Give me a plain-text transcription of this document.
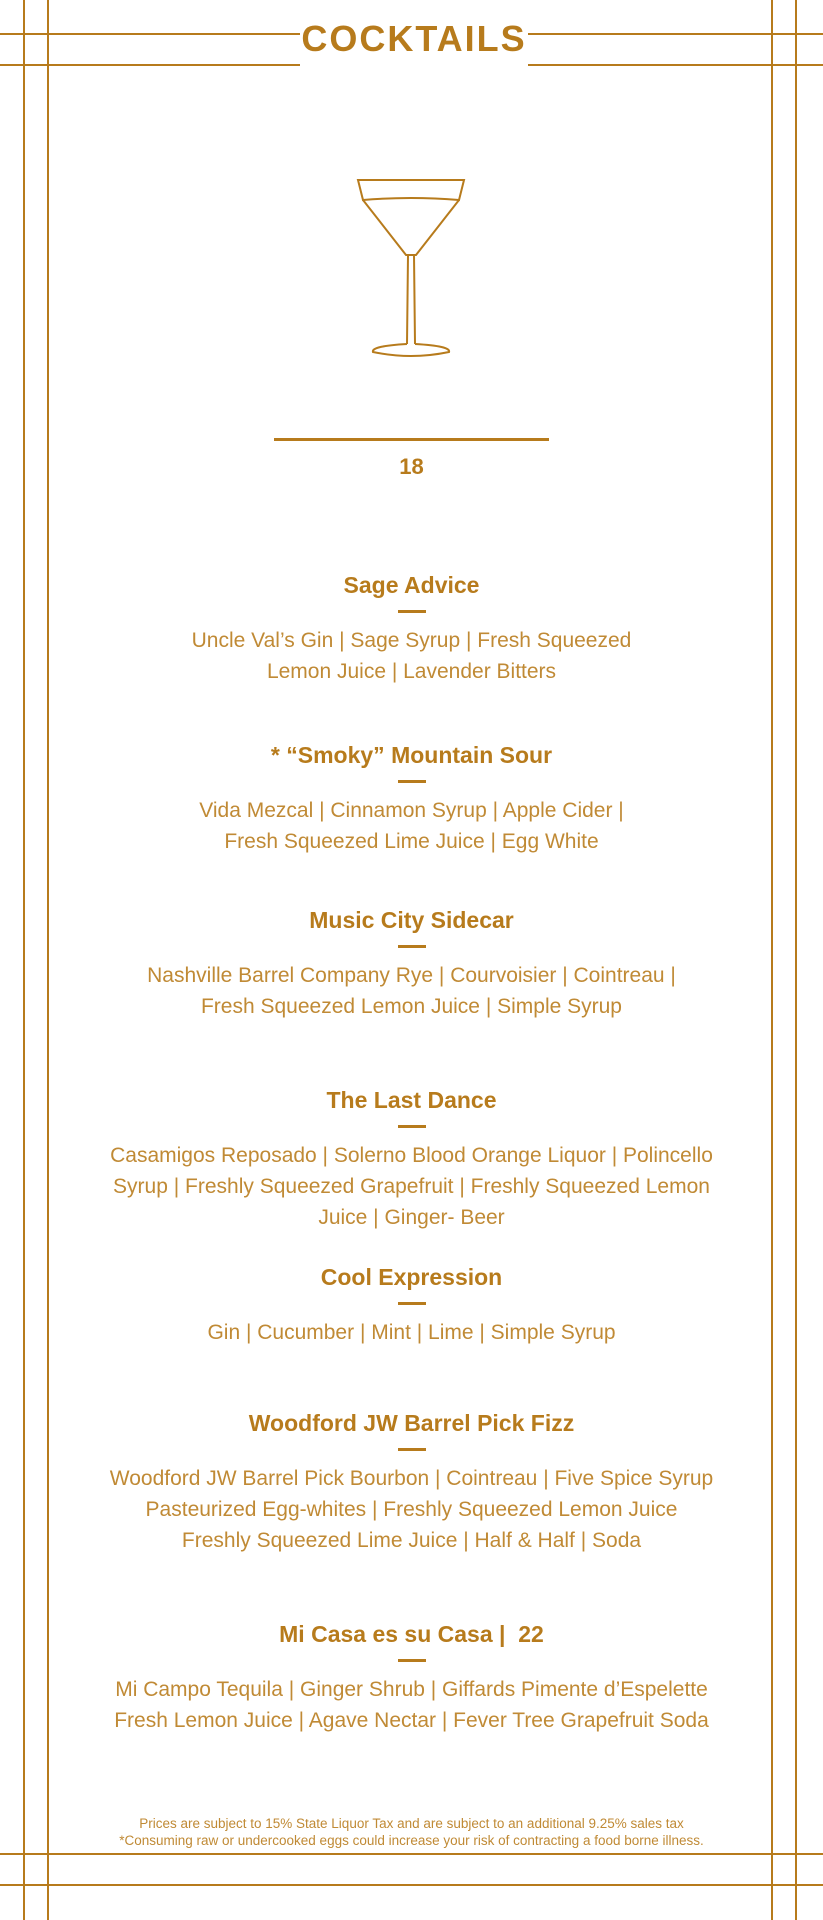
COCKTAILS
18
Sage Advice
Uncle Val’s Gin | Sage Syrup | Fresh Squeezed
Lemon Juice | Lavender Bitters
* “Smoky” Mountain Sour
Vida Mezcal | Cinnamon Syrup | Apple Cider |
Fresh Squeezed Lime Juice | Egg White
Music City Sidecar
Nashville Barrel Company Rye | Courvoisier | Cointreau |
Fresh Squeezed Lemon Juice | Simple Syrup
The Last Dance
Casamigos Reposado | Solerno Blood Orange Liquor | Polincello
Syrup | Freshly Squeezed Grapefruit | Freshly Squeezed Lemon
Juice | Ginger- Beer
Cool Expression
Gin | Cucumber | Mint | Lime | Simple Syrup
Woodford JW Barrel Pick Fizz
Woodford JW Barrel Pick Bourbon | Cointreau | Five Spice Syrup
Pasteurized Egg-whites | Freshly Squeezed Lemon Juice
Freshly Squeezed Lime Juice | Half & Half | Soda
Mi Casa es su Casa |  22
Mi Campo Tequila | Ginger Shrub | Giffards Pimente d’Espelette
Fresh Lemon Juice | Agave Nectar | Fever Tree Grapefruit Soda
Prices are subject to 15% State Liquor Tax and are subject to an additional 9.25% sales tax
*Consuming raw or undercooked eggs could increase your risk of contracting a food borne illness.
